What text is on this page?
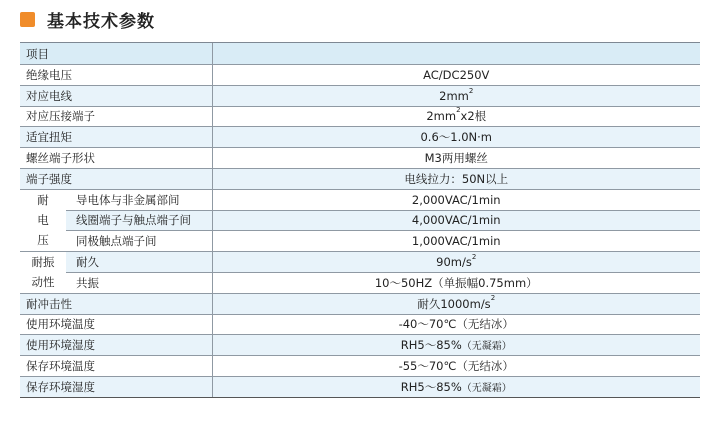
基本技术参数
项目		
绝缘电压		AC/DC250V
对应电线		$2mm^2$
对应压接端子		$2mm^2x2$根
适宜扭矩		0.6～1.0N·m
螺丝端子形状		M3两用螺丝
端子强度		电线拉力：50N以上

耐
电
压	导电体与非金属部间	2,000VAC/1min
	线圈端子与触点端子间	4,000VAC/1min
	同极触点端子间	1,000VAC/1min

耐振
动性	耐久	$90m/s^2$
	共振	10～50HZ（单振幅0.75mm）
耐冲击性		耐久$1000m/s^2$
使用环境温度		-40～70℃（无结冰）
使用环境湿度		RH5～85%（无凝霜）
保存环境温度		-55～70℃（无结冰）
保存环境湿度		RH5～85%（无凝霜）
